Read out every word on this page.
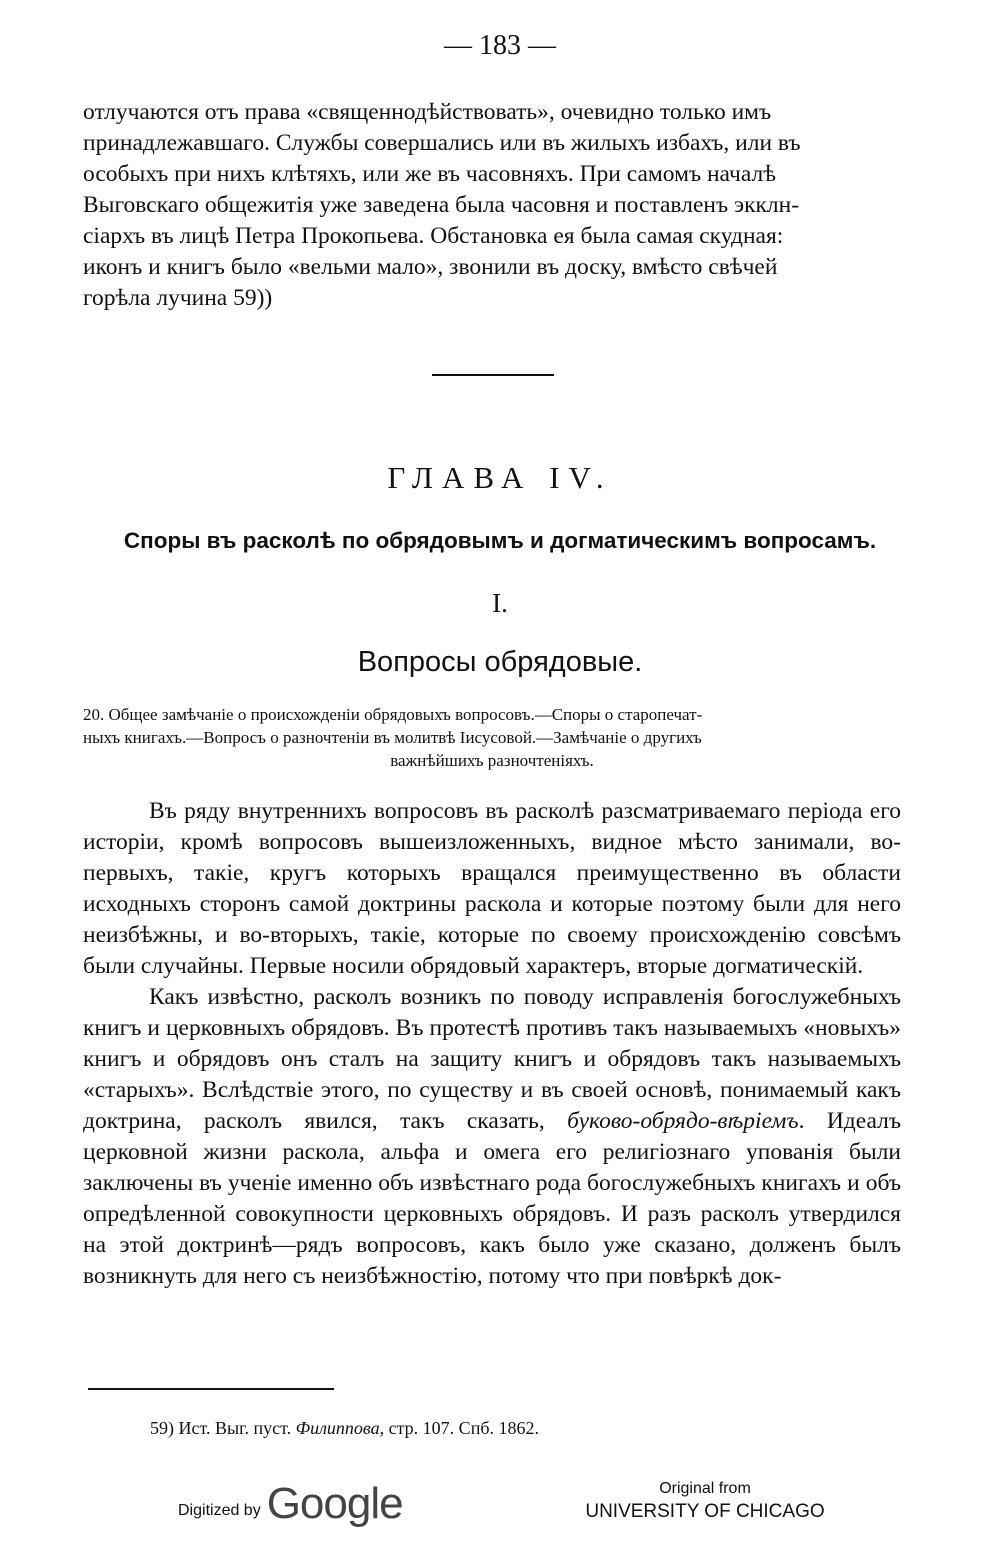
— 183 —

отлучаются отъ права «священнодѣйствовать», очевидно только имъ

принадлежавшаго. Службы совершались или въ жилыхъ избахъ, или въ

особыхъ при нихъ клѣтяхъ, или же въ часовняхъ. При самомъ началѣ

Выговскаго общежитія уже заведена была часовня и поставленъ экклн-

сіархъ въ лицѣ Петра Прокопьева. Обстановка ея была самая скудная:

иконъ и книгъ было «вельми мало», звонили въ доску, вмѣсто свѣчей

горѣла лучина 59))

ГЛАВА IV.
Споры въ расколѣ по обрядовымъ и догматическимъ вопросамъ.
I.
Вопросы обрядовые.
20. Общее замѣчаніе о происхожденіи обрядовыхъ вопросовъ.—Споры о старопечат-
ныхъ книгахъ.—Вопросъ о разночтеніи въ молитвѣ Іисусовой.—Замѣчаніе о другихъ
важнѣйшихъ разночтеніяхъ.

Въ ряду внутреннихъ вопросовъ въ расколѣ разсматриваемаго періода его исторіи, кромѣ вопросовъ вышеизложенныхъ, видное мѣсто занимали, во-первыхъ, такіе, кругъ которыхъ вращался преимущественно въ области исходныхъ сторонъ самой доктрины раскола и которые поэтому были для него неизбѣжны, и во-вторыхъ, такіе, которые по своему происхожденію совсѣмъ были случайны. Первые носили обрядовый характеръ, вторые догматическій.

Какъ извѣстно, расколъ возникъ по поводу исправленія богослужебныхъ книгъ и церковныхъ обрядовъ. Въ протестѣ противъ такъ называемыхъ «новыхъ» книгъ и обрядовъ онъ сталъ на защиту книгъ и обрядовъ такъ называемыхъ «старыхъ». Вслѣдствіе этого, по существу и въ своей основѣ, понимаемый какъ доктрина, расколъ явился, такъ сказать, буково-обрядо-вѣріемъ. Идеалъ церковной жизни раскола, альфа и омега его религіознаго упованія были заключены въ ученіе именно объ извѣстнаго рода богослужебныхъ книгахъ и объ опредѣленной совокупности церковныхъ обрядовъ. И разъ расколъ утвердился на этой доктринѣ—рядъ вопросовъ, какъ было уже сказано, долженъ былъ возникнуть для него съ неизбѣжностію, потому что при повѣркѣ док-

59) Ист. Выг. пуст. Филиппова, стр. 107. Спб. 1862.
Digitized by Google	Original from
UNIVERSITY OF CHICAGO
